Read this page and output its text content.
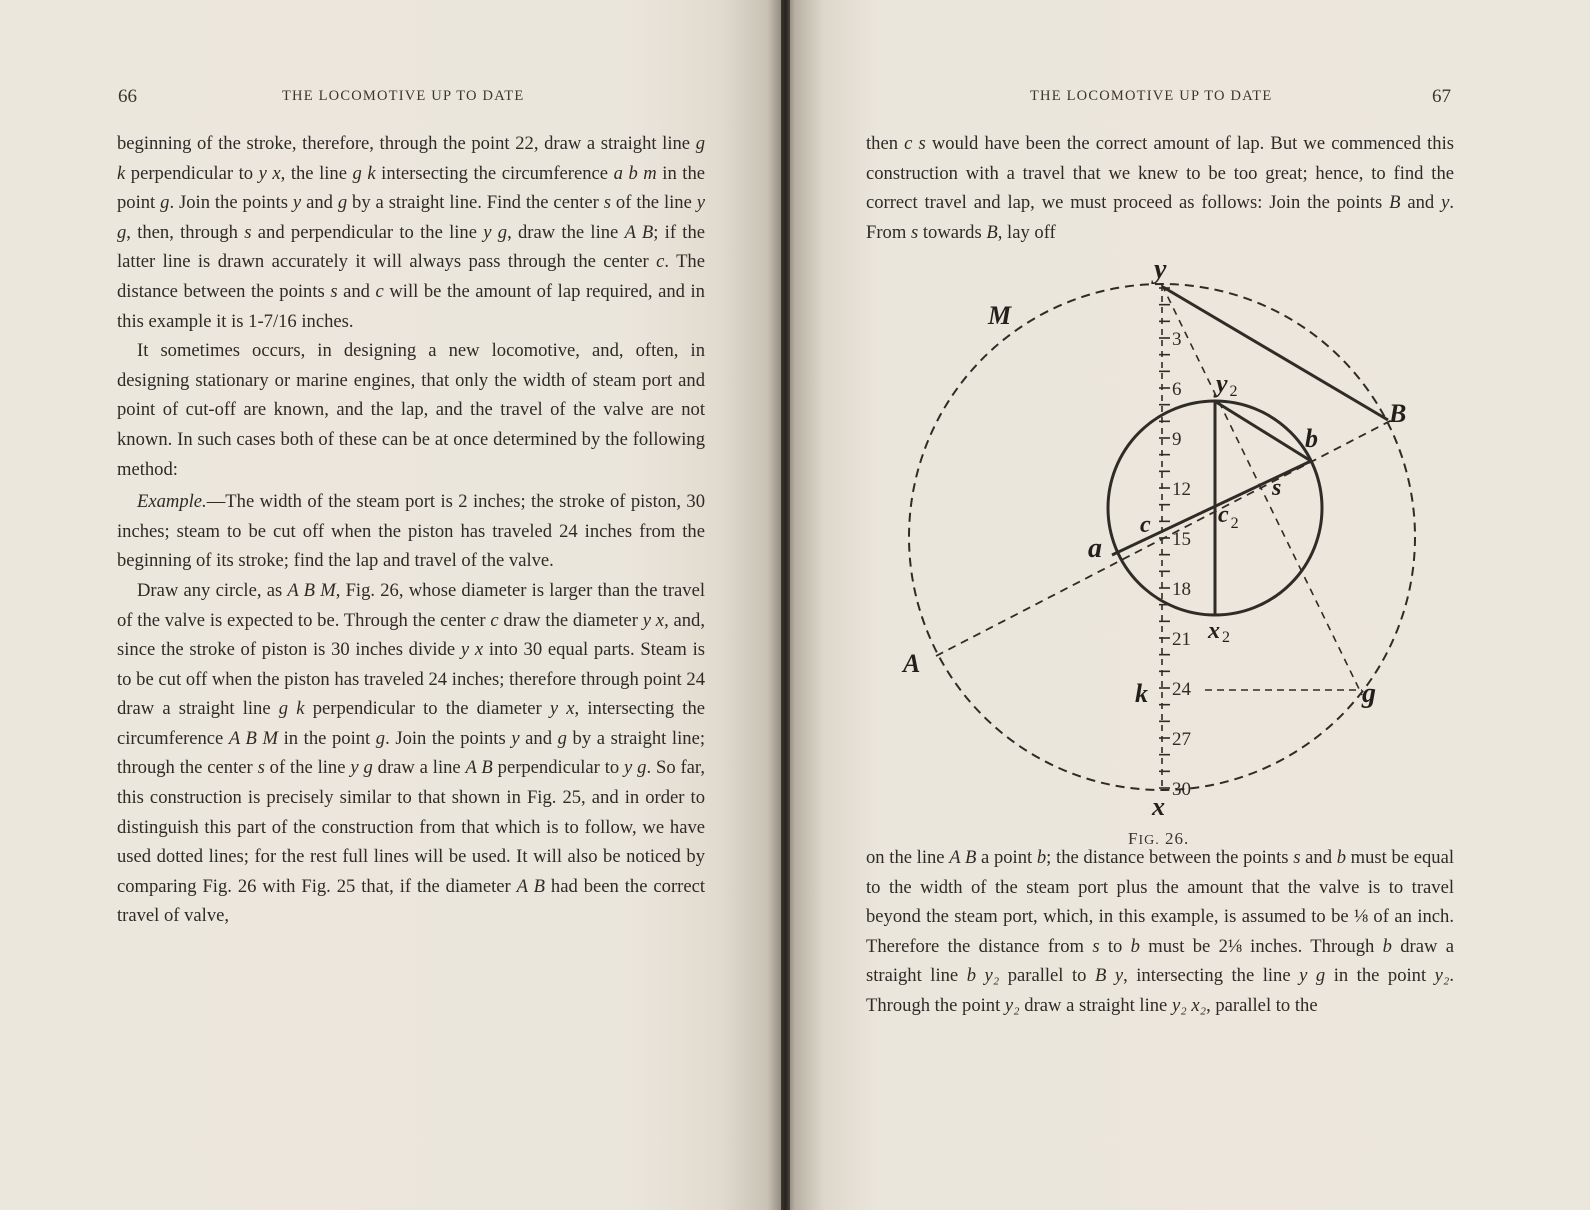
66	THE LOCOMOTIVE UP TO DATE

beginning of the stroke, therefore, through the point 22, draw a straight line g k perpendicular to y x, the line g k intersecting the circumference a b m in the point g. Join the points y and g by a straight line. Find the center s of the line y g, then, through s and perpendicular to the line y g, draw the line A B; if the latter line is drawn accurately it will always pass through the center c. The distance between the points s and c will be the amount of lap required, and in this example it is 1-7/16 inches.

It sometimes occurs, in designing a new locomotive, and, often, in designing stationary or marine engines, that only the width of steam port and point of cut-off are known, and the lap, and the travel of the valve are not known. In such cases both of these can be at once determined by the following method:

Example.—The width of the steam port is 2 inches; the stroke of piston, 30 inches; steam to be cut off when the piston has traveled 24 inches from the beginning of its stroke; find the lap and travel of the valve.

Draw any circle, as A B M, Fig. 26, whose diameter is larger than the travel of the valve is expected to be. Through the center c draw the diameter y x, and, since the stroke of piston is 30 inches divide y x into 30 equal parts. Steam is to be cut off when the piston has traveled 24 inches; therefore through point 24 draw a straight line g k perpendicular to the diameter y x, intersecting the circumference A B M in the point g. Join the points y and g by a straight line; through the center s of the line y g draw a line A B perpendicular to y g. So far, this construction is precisely similar to that shown in Fig. 25, and in order to distinguish this part of the construction from that which is to follow, we have used dotted lines; for the rest full lines will be used. It will also be noticed by comparing Fig. 26 with Fig. 25 that, if the diameter A B had been the correct travel of valve,

THE LOCOMOTIVE UP TO DATE	67

then c s would have been the correct amount of lap. But we commenced this construction with a travel that we knew to be too great; hence, to find the correct travel and lap, we must proceed as follows: Join the points B and y. From s towards B, lay off

3
6
9
12
15
18
21
24
27
30
y
M
B
A
g
k
x
a
b
c	c $_2$
s
y 2
x 2
FIG. 26.

on the line A B a point b; the distance between the points s and b must be equal to the width of the steam port plus the amount that the valve is to travel beyond the steam port, which, in this example, is assumed to be ⅛ of an inch. Therefore the distance from s to b must be 2⅛ inches. Through b draw a straight line b y₂ parallel to B y, intersecting the line y g in the point y₂. Through the point y₂ draw a straight line y₂ x₂, parallel to the
